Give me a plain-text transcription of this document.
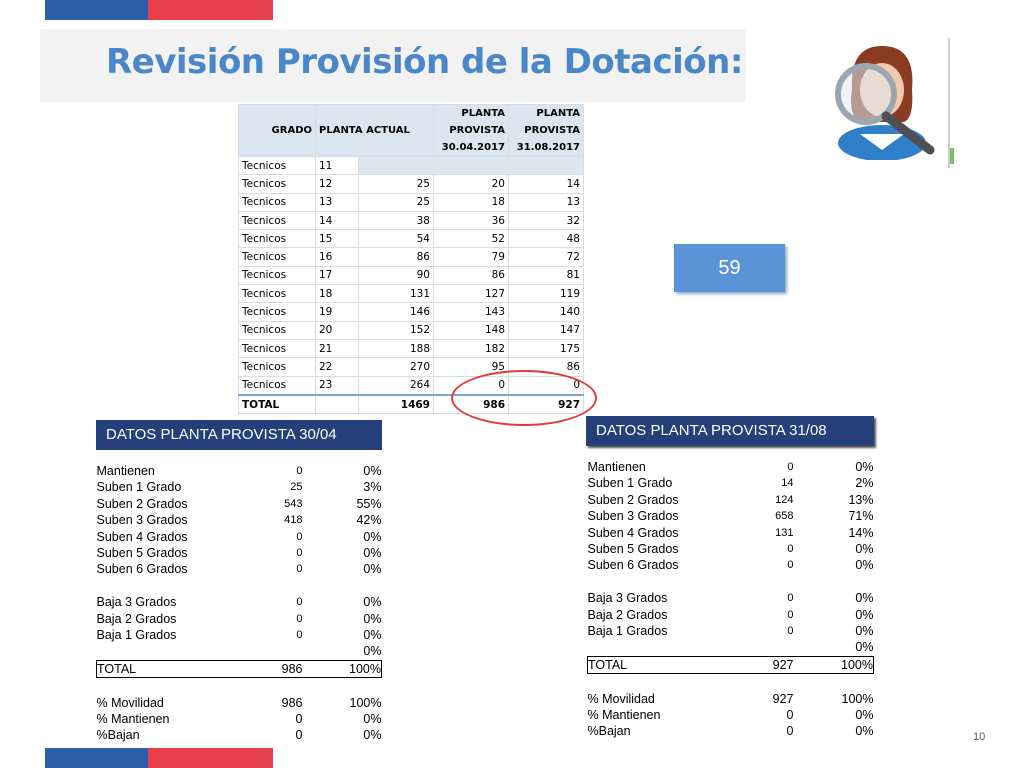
Revisión Provisión de la Dotación:
GRADO	PLANTA ACTUAL		PLANTA PROVISTA 30.04.2017	PLANTA PROVISTA 31.08.2017
Tecnicos	11			
Tecnicos	12	25	20	14
Tecnicos	13	25	18	13
Tecnicos	14	38	36	32
Tecnicos	15	54	52	48
Tecnicos	16	86	79	72
Tecnicos	17	90	86	81
Tecnicos	18	131	127	119
Tecnicos	19	146	143	140
Tecnicos	20	152	148	147
Tecnicos	21	188	182	175
Tecnicos	22	270	95	86
Tecnicos	23	264	0	0
TOTAL		1469	986	927
59
DATOS PLANTA PROVISTA 30/04
Mantienen	0	0%
Suben 1 Grado	25	3%
Suben 2 Grados	543	55%
Suben 3 Grados	418	42%
Suben 4 Grados	0	0%
Suben 5 Grados	0	0%
Suben 6 Grados	0	0%

Baja 3 Grados	0	0%
Baja 2 Grados	0	0%
Baja 1 Grados	0	0%
		0%
TOTAL	986	100%

% Movilidad	986	100%
% Mantienen	0	0%
%Bajan	0	0%
DATOS PLANTA PROVISTA 31/08
Mantienen	0	0%
Suben 1 Grado	14	2%
Suben 2 Grados	124	13%
Suben 3 Grados	658	71%
Suben 4 Grados	131	14%
Suben 5 Grados	0	0%
Suben 6 Grados	0	0%

Baja 3 Grados	0	0%
Baja 2 Grados	0	0%
Baja 1 Grados	0	0%
		0%
TOTAL	927	100%

% Movilidad	927	100%
% Mantienen	0	0%
%Bajan	0	0%	10
